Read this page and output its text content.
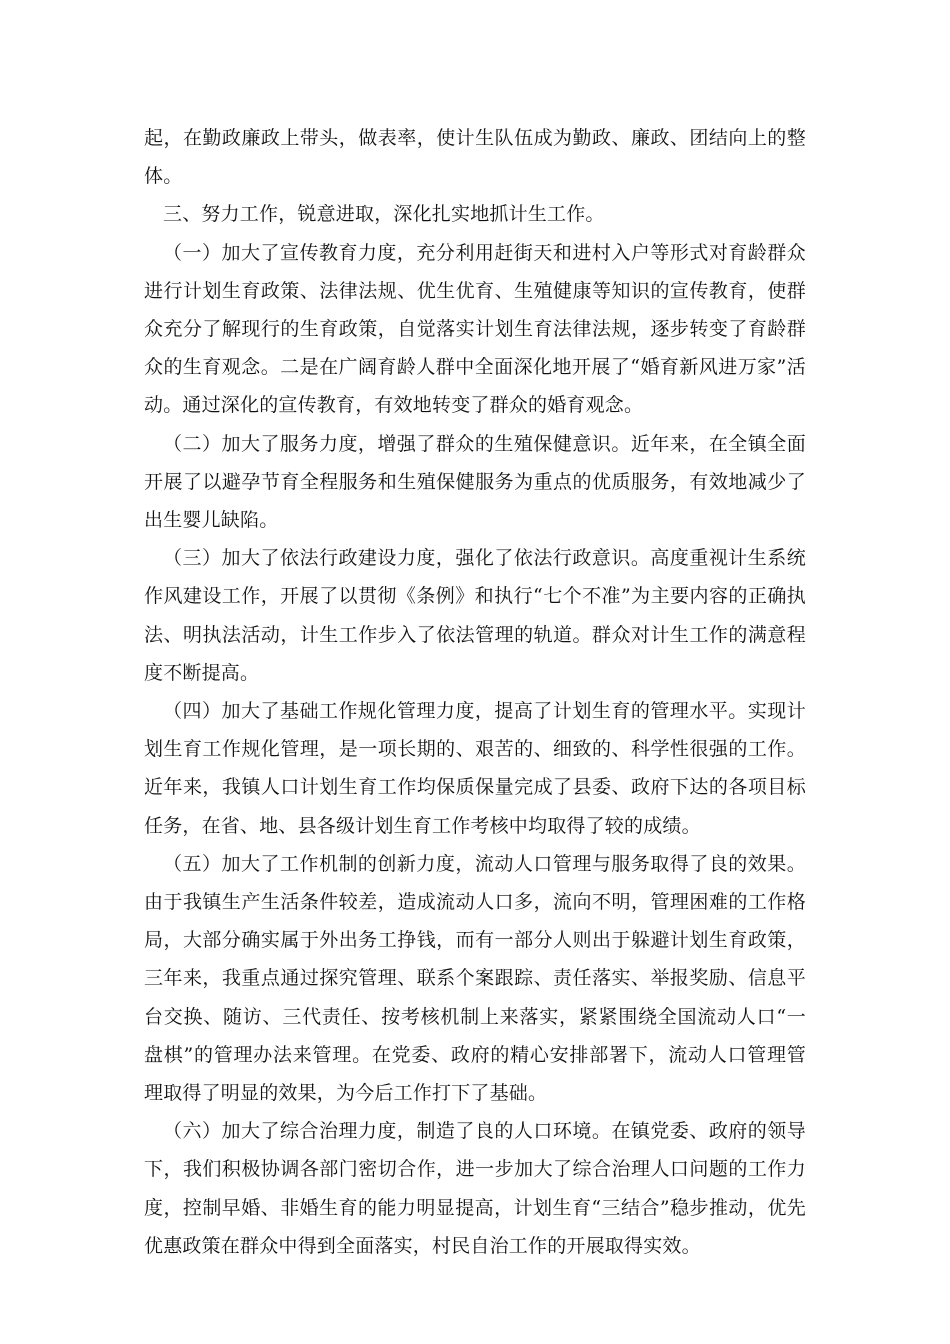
起，在勤政廉政上带头，做表率，使计生队伍成为勤政、廉政、团结向上的整体。

三、努力工作，锐意进取，深化扎实地抓计生工作。

（一）加大了宣传教育力度，充分利用赶街天和进村入户等形式对育龄群众进行计划生育政策、法律法规、优生优育、生殖健康等知识的宣传教育，使群众充分了解现行的生育政策，自觉落实计划生育法律法规，逐步转变了育龄群众的生育观念。二是在广阔育龄人群中全面深化地开展了“婚育新风进万家”活动。通过深化的宣传教育，有效地转变了群众的婚育观念。

（二）加大了服务力度，增强了群众的生殖保健意识。近年来，在全镇全面开展了以避孕节育全程服务和生殖保健服务为重点的优质服务，有效地减少了出生婴儿缺陷。

（三）加大了依法行政建设力度，强化了依法行政意识。高度重视计生系统作风建设工作，开展了以贯彻《条例》和执行“七个不准”为主要内容的正确执法、明执法活动，计生工作步入了依法管理的轨道。群众对计生工作的满意程度不断提高。

（四）加大了基础工作规化管理力度，提高了计划生育的管理水平。实现计划生育工作规化管理，是一项长期的、艰苦的、细致的、科学性很强的工作。近年来，我镇人口计划生育工作均保质保量完成了县委、政府下达的各项目标任务，在省、地、县各级计划生育工作考核中均取得了较的成绩。

（五）加大了工作机制的创新力度，流动人口管理与服务取得了良的效果。由于我镇生产生活条件较差，造成流动人口多，流向不明，管理困难的工作格局，大部分确实属于外出务工挣钱，而有一部分人则出于躲避计划生育政策，三年来，我重点通过探究管理、联系个案跟踪、责任落实、举报奖励、信息平台交换、随访、三代责任、按考核机制上来落实，紧紧围绕全国流动人口“一盘棋”的管理办法来管理。在党委、政府的精心安排部署下，流动人口管理管理取得了明显的效果，为今后工作打下了基础。

（六）加大了综合治理力度，制造了良的人口环境。在镇党委、政府的领导下，我们积极协调各部门密切合作，进一步加大了综合治理人口问题的工作力度，控制早婚、非婚生育的能力明显提高，计划生育“三结合”稳步推动，优先优惠政策在群众中得到全面落实，村民自治工作的开展取得实效。
